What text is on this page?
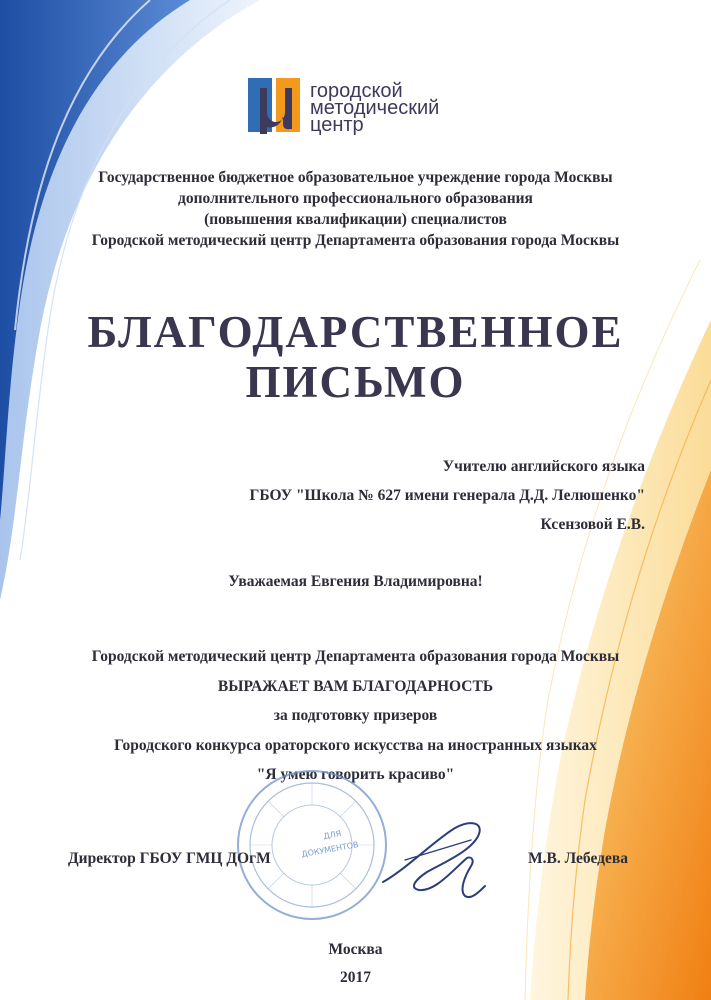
городской
методический
центр
Государственное бюджетное образовательное учреждение города Москвы
дополнительного профессионального образования
(повышения квалификации) специалистов
Городской методический центр Департамента образования города Москвы
БЛАГОДАРСТВЕННОЕ
ПИСЬМО
Учителю английского языка
ГБОУ "Школа № 627 имени генерала Д.Д. Лелюшенко"
Ксензовой Е.В.
Уважаемая Евгения Владимировна!
Городской методический центр Департамента образования города Москвы
ВЫРАЖАЕТ ВАМ БЛАГОДАРНОСТЬ
за подготовку призеров
Городского конкурса ораторского искусства на иностранных языках
"Я умею говорить красиво"
ДЛЯ
ДОКУМЕНТОВ
Директор ГБОУ ГМЦ ДОгМ	М.В. Лебедева
Москва
2017
